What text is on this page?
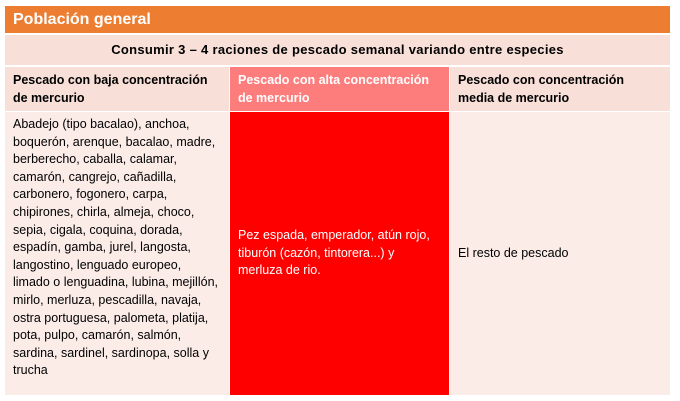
Población general
Consumir 3 – 4 raciones de pescado semanal variando entre especies
Pescado con baja concentración de mercurio
Pescado con alta concentración de mercurio
Pescado con concentración media de mercurio
Abadejo (tipo bacalao), anchoa, boquerón, arenque, bacalao, madre, berberecho, caballa, calamar, camarón, cangrejo, cañadilla, carbonero, fogonero, carpa, chipirones, chirla, almeja, choco, sepia, cigala, coquina, dorada, espadín, gamba, jurel, langosta, langostino, lenguado europeo, limado o lenguadina, lubina, mejillón, mirlo, merluza, pescadilla, navaja, ostra portuguesa, palometa, platija, pota, pulpo, camarón, salmón, sardina, sardinel, sardinopa, solla y trucha
Pez espada, emperador, atún rojo, tiburón (cazón, tintorera...) y merluza de rio.
El resto de pescado
